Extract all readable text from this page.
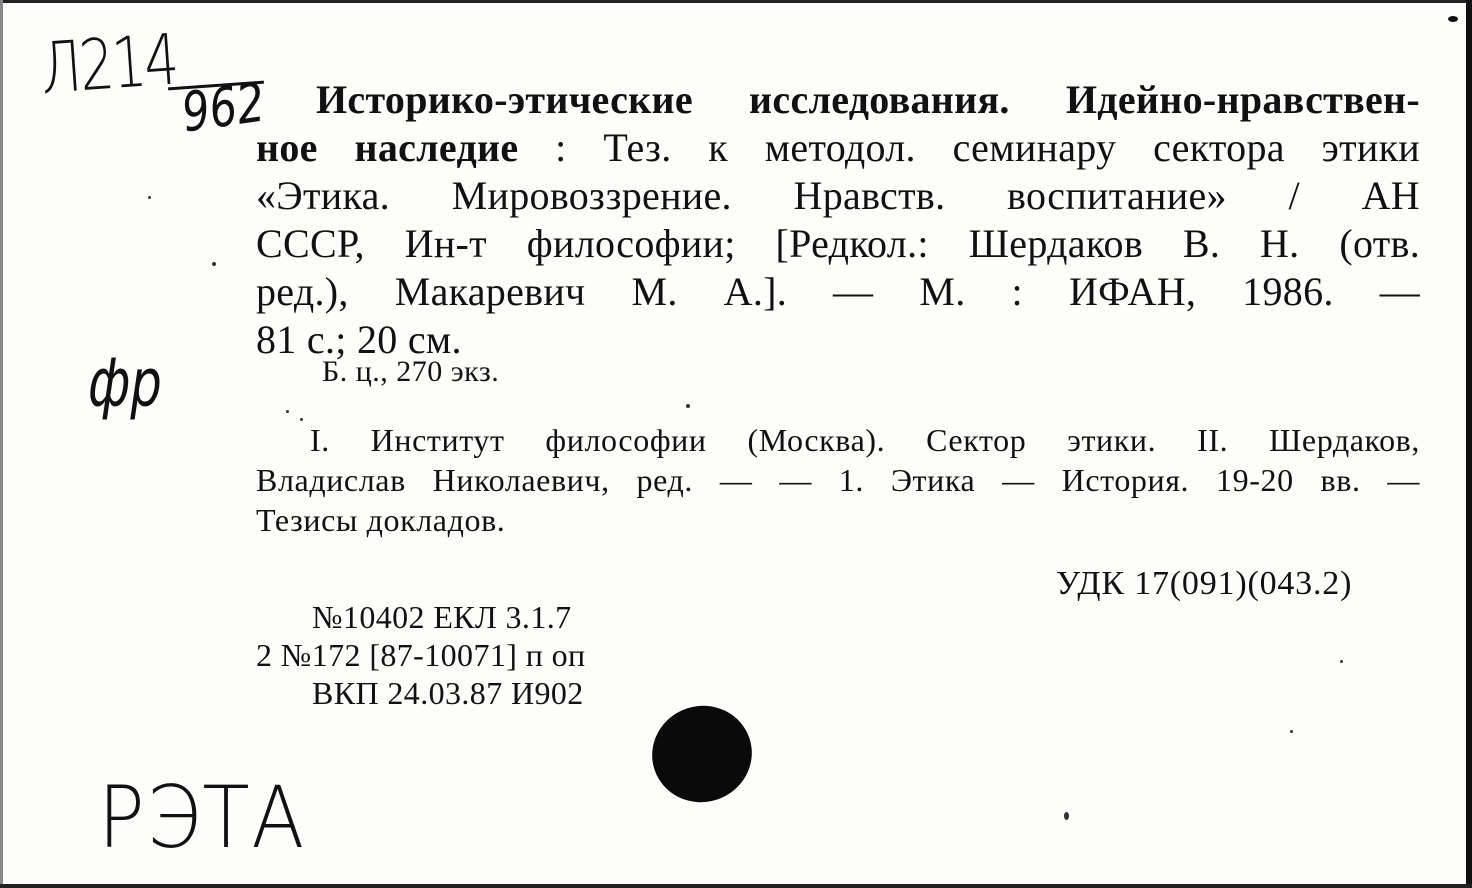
Л214
962
фр
РЭТА
Историко-этические исследования. Идейно-нравствен-
ное наследие : Тез. к методол. семинару сектора этики
«Этика. Мировоззрение. Нравств. воспитание» / АН
СССР, Ин-т философии; [Редкол.: Шердаков В. Н. (отв.
ред.), Макаревич М. А.]. — М. : ИФАН, 1986. —
81 с.; 20 см.
Б. ц., 270 экз.
I. Институт философии (Москва). Сектор этики. II. Шердаков,
Владислав Николаевич, ред. — — 1. Этика — История. 19-20 вв. —
Тезисы докладов.
УДК 17(091)(043.2)
№10402 ЕКЛ 3.1.7
2 №172 [87-10071] п оп
ВКП 24.03.87 И902
